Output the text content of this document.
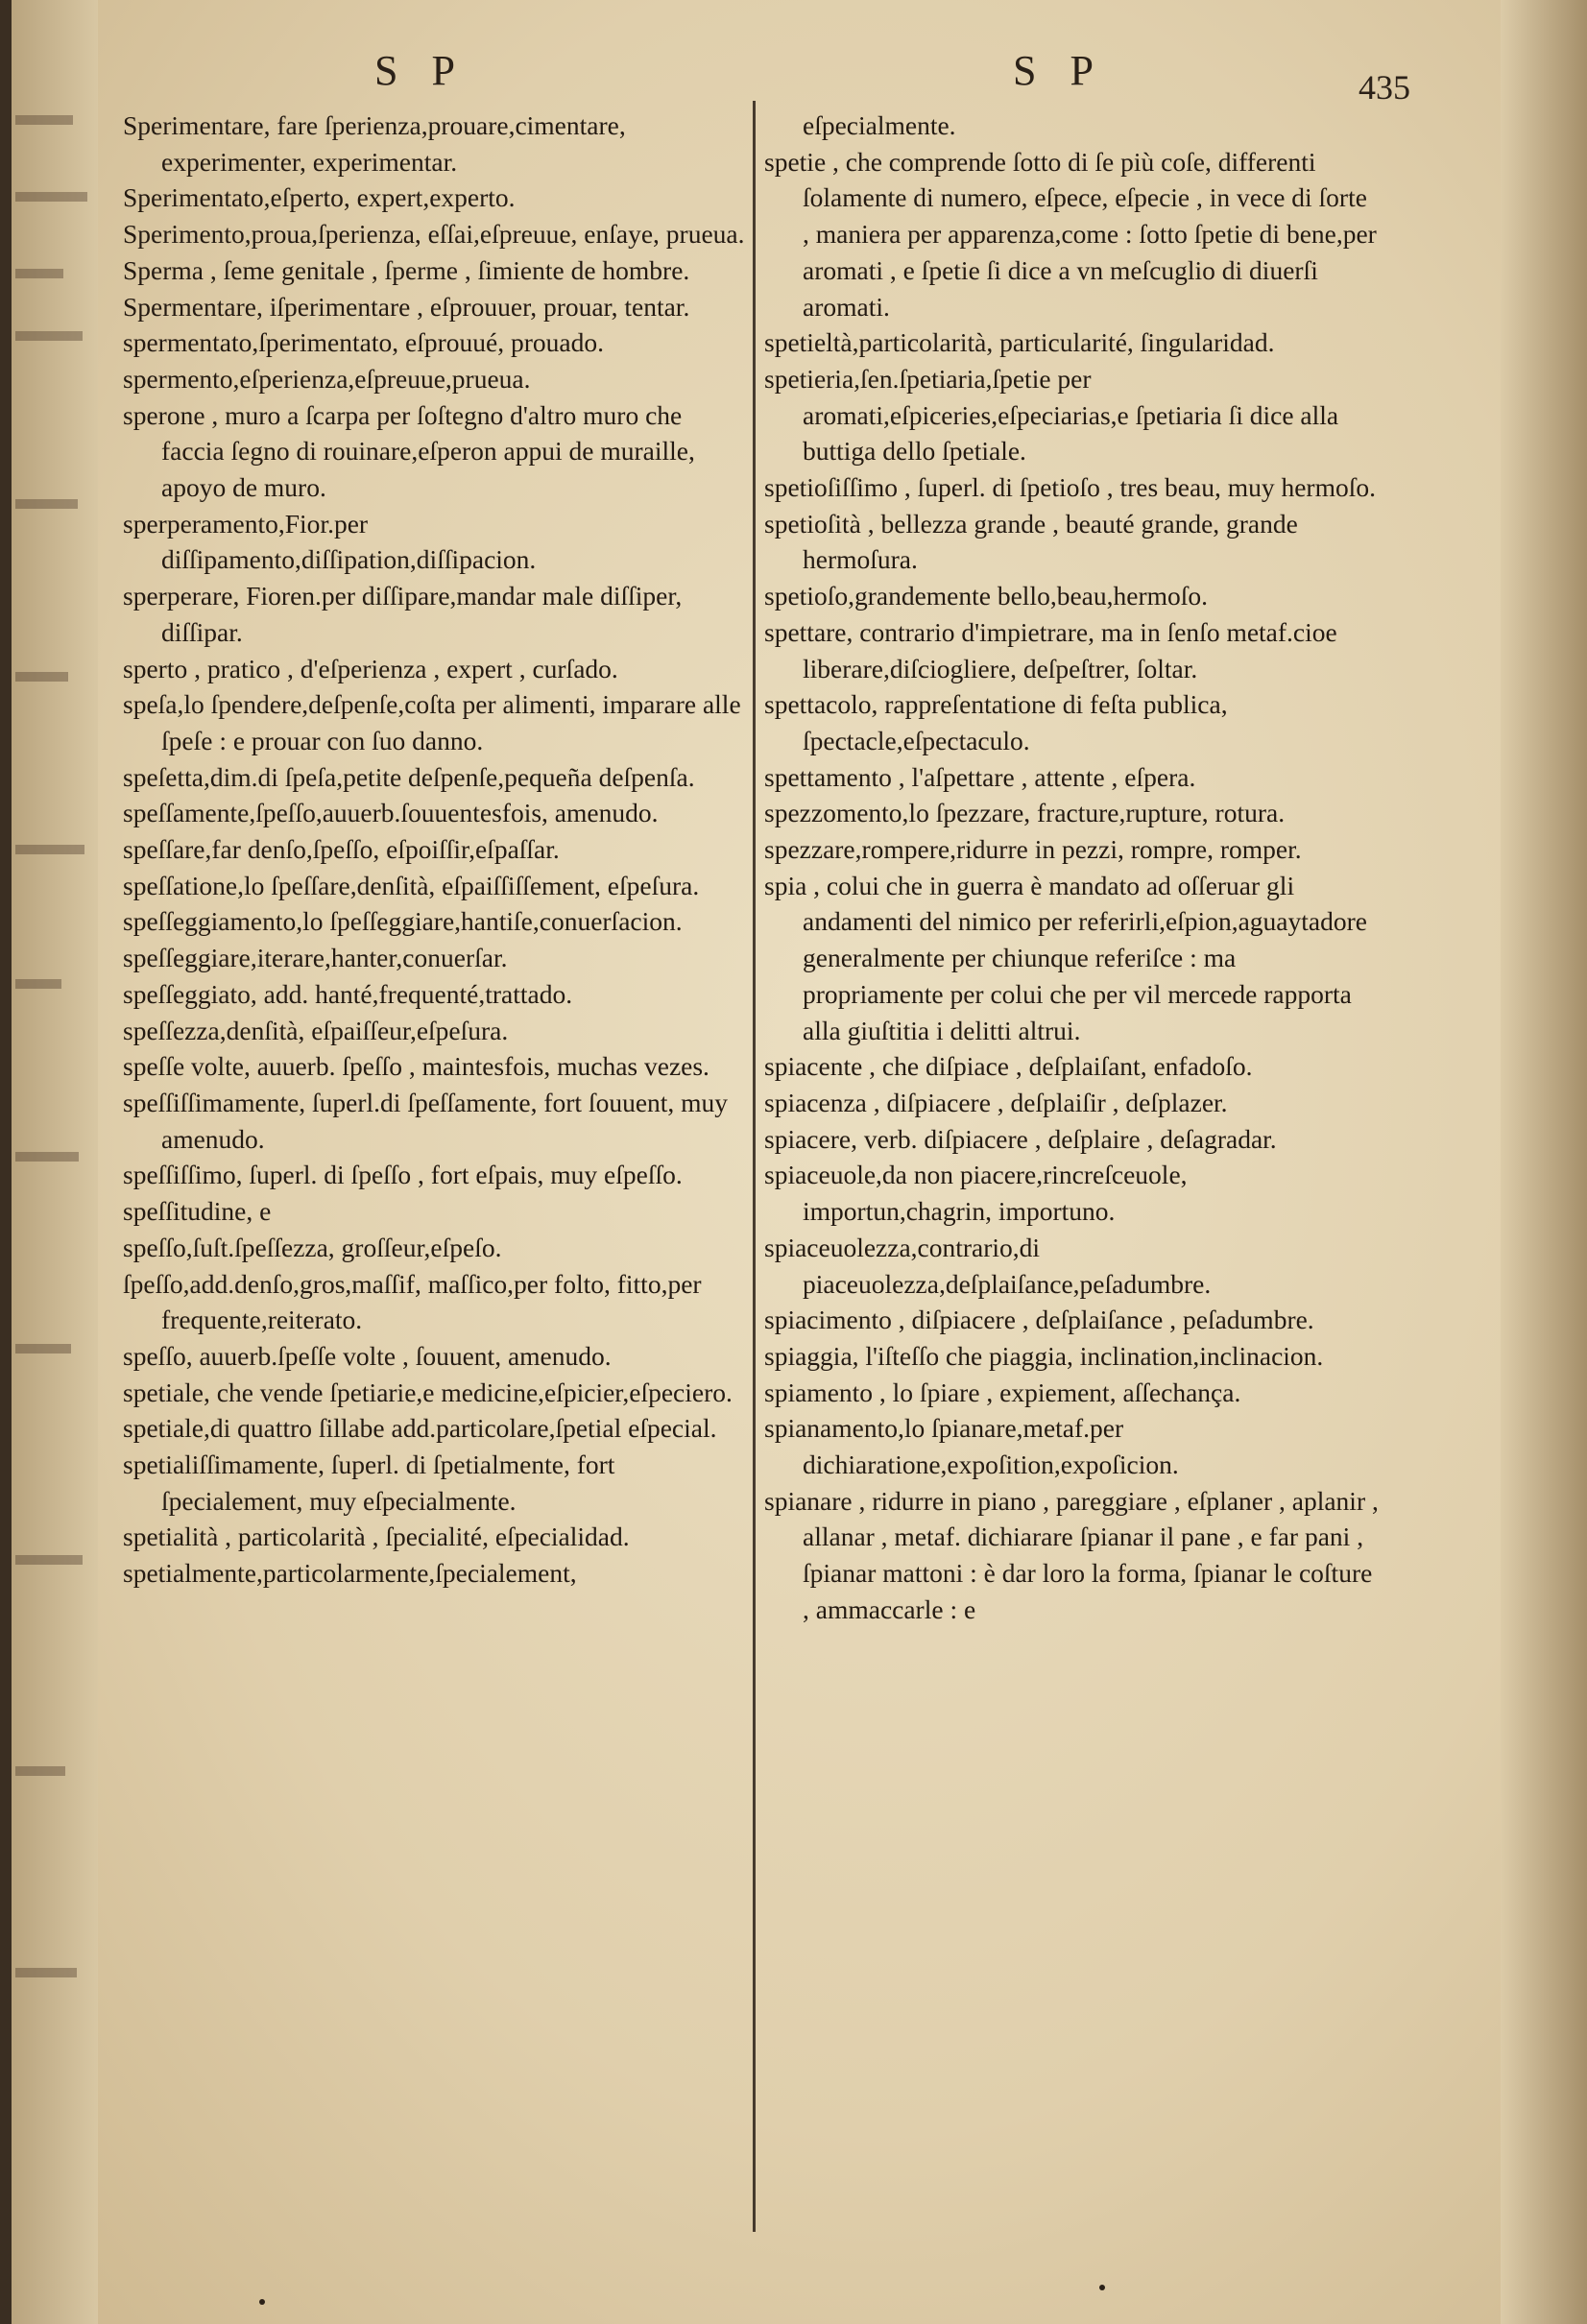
S P	S P	435

Sperimentare, fare ſperienza,prouare,cimentare, experimenter, experimentar.

Sperimentato,eſperto, expert,experto.

Sperimento,proua,ſperienza, eſſai,eſpreuue, enſaye, prueua.

Sperma , ſeme genitale , ſperme , ſimiente de hombre.

Spermentare, iſperimentare , eſprouuer, prouar, tentar.

spermentato,ſperimentato, eſprouué, prouado.

spermento,eſperienza,eſpreuue,prueua.

sperone , muro a ſcarpa per ſoſtegno d'altro muro che faccia ſegno di rouinare,eſperon appui de muraille, apoyo de muro.

sperperamento,Fior.per diſſipamento,diſſipation,diſſipacion.

sperperare, Fioren.per diſſipare,mandar male diſſiper, diſſipar.

sperto , pratico , d'eſperienza , expert , curſado.

speſa,lo ſpendere,deſpenſe,coſta per alimenti, imparare alle ſpeſe : e prouar con ſuo danno.

speſetta,dim.di ſpeſa,petite deſpenſe,pequeña deſpenſa.

speſſamente,ſpeſſo,auuerb.ſouuentesfois, amenudo.

speſſare,far denſo,ſpeſſo, eſpoiſſir,eſpaſſar.

speſſatione,lo ſpeſſare,denſità, eſpaiſſiſſement, eſpeſura.

speſſeggiamento,lo ſpeſſeggiare,hantiſe,conuerſacion.

speſſeggiare,iterare,hanter,conuerſar.

speſſeggiato, add. hanté,frequenté,trattado.

speſſezza,denſità, eſpaiſſeur,eſpeſura.

speſſe volte, auuerb. ſpeſſo , maintesfois, muchas vezes.

speſſiſſimamente, ſuperl.di ſpeſſamente, fort ſouuent, muy amenudo.

speſſiſſimo, ſuperl. di ſpeſſo , fort eſpais, muy eſpeſſo.

speſſitudine, e

speſſo,ſuſt.ſpeſſezza, groſſeur,eſpeſo.

ſpeſſo,add.denſo,gros,maſſif, maſſico,per folto, fitto,per frequente,reiterato.

speſſo, auuerb.ſpeſſe volte , ſouuent, amenudo.

spetiale, che vende ſpetiarie,e medicine,eſpicier,eſpeciero.

spetiale,di quattro ſillabe add.particolare,ſpetial eſpecial.

spetialiſſimamente, ſuperl. di ſpetialmente, fort ſpecialement, muy eſpecialmente.

spetialità , particolarità , ſpecialité, eſpecialidad.

spetialmente,particolarmente,ſpecialement,

eſpecialmente.

spetie , che comprende ſotto di ſe più coſe, differenti ſolamente di numero, eſpece, eſpecie , in vece di ſorte , maniera per apparenza,come : ſotto ſpetie di bene,per aromati , e ſpetie ſi dice a vn meſcuglio di diuerſi aromati.

spetieltà,particolarità, particularité, ſingularidad.

spetieria,ſen.ſpetiaria,ſpetie per aromati,eſpiceries,eſpeciarias,e ſpetiaria ſi dice alla buttiga dello ſpetiale.

spetioſiſſimo , ſuperl. di ſpetioſo , tres beau, muy hermoſo.

spetioſità , bellezza grande , beauté grande, grande hermoſura.

spetioſo,grandemente bello,beau,hermoſo.

spettare, contrario d'impietrare, ma in ſenſo metaf.cioe liberare,diſciogliere, deſpeſtrer, ſoltar.

spettacolo, rappreſentatione di feſta publica, ſpectacle,eſpectaculo.

spettamento , l'aſpettare , attente , eſpera.

spezzomento,lo ſpezzare, fracture,rupture, rotura.

spezzare,rompere,ridurre in pezzi, rompre, romper.

spia , colui che in guerra è mandato ad oſſeruar gli andamenti del nimico per referirli,eſpion,aguaytadore generalmente per chiunque referiſce : ma propriamente per colui che per vil mercede rapporta alla giuſtitia i delitti altrui.

spiacente , che diſpiace , deſplaiſant, enfadoſo.

spiacenza , diſpiacere , deſplaiſir , deſplazer.

spiacere, verb. diſpiacere , deſplaire , deſagradar.

spiaceuole,da non piacere,rincreſceuole, importun,chagrin, importuno.

spiaceuolezza,contrario,di piaceuolezza,deſplaiſance,peſadumbre.

spiacimento , diſpiacere , deſplaiſance , peſadumbre.

spiaggia, l'iſteſſo che piaggia, inclination,inclinacion.

spiamento , lo ſpiare , expiement, aſſechança.

spianamento,lo ſpianare,metaf.per dichiaratione,expoſition,expoſicion.

spianare , ridurre in piano , pareggiare , eſplaner , aplanir , allanar , metaf. dichiarare ſpianar il pane , e far pani , ſpianar mattoni : è dar loro la forma, ſpianar le coſture , ammaccarle : e
